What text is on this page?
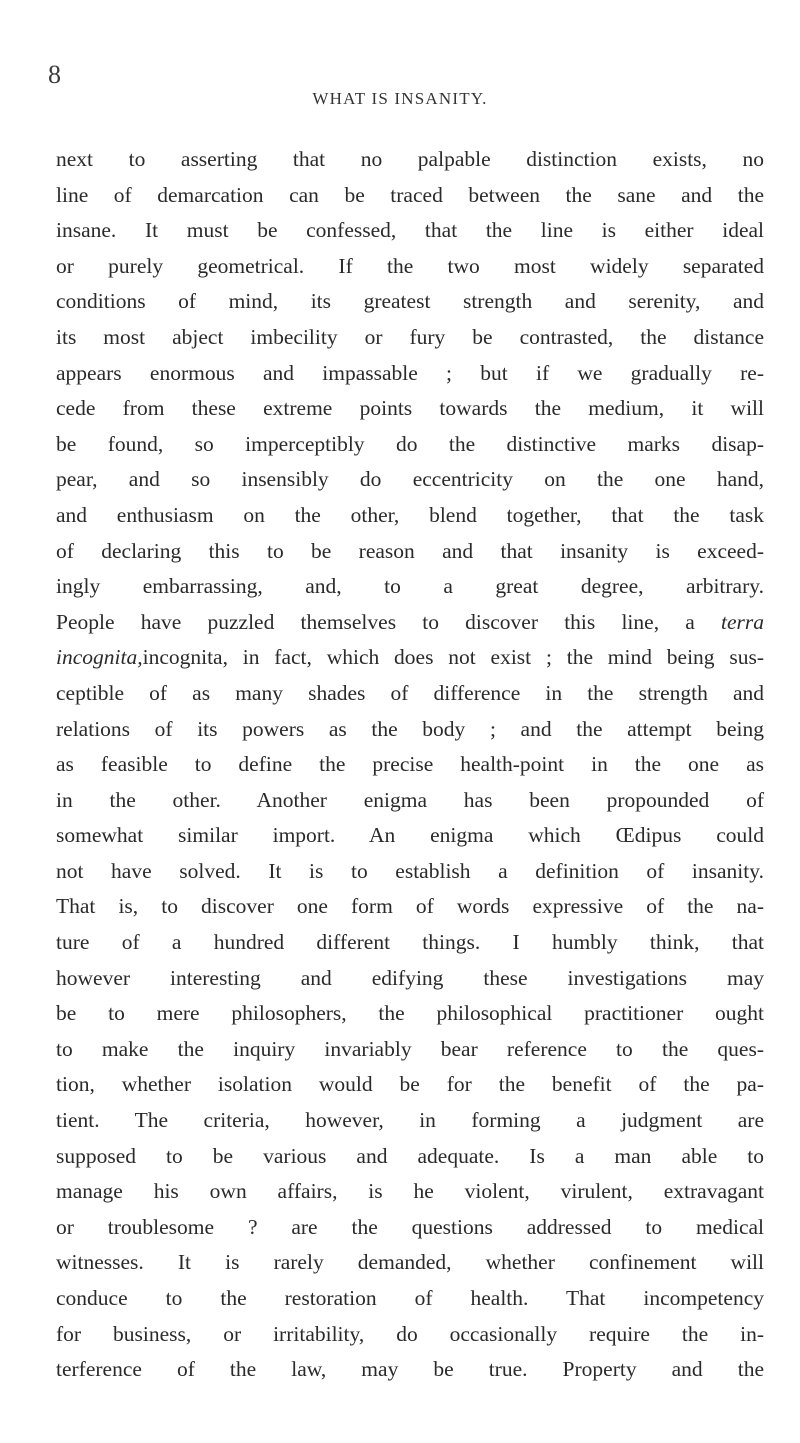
8
WHAT IS INSANITY.
next to asserting that no palpable distinction exists, no
line of demarcation can be traced between the sane and the
insane. It must be confessed, that the line is either ideal
or purely geometrical. If the two most widely separated
conditions of mind, its greatest strength and serenity, and
its most abject imbecility or fury be contrasted, the distance
appears enormous and impassable ; but if we gradually re-
cede from these extreme points towards the medium, it will
be found, so imperceptibly do the distinctive marks disap-
pear, and so insensibly do eccentricity on the one hand,
and enthusiasm on the other, blend together, that the task
of declaring this to be reason and that insanity is exceed-
ingly embarrassing, and, to a great degree, arbitrary.
People have puzzled themselves to discover this line, a terra
incognita,incognita, in fact, which does not exist ; the mind being sus-
ceptible of as many shades of difference in the strength and
relations of its powers as the body ; and the attempt being
as feasible to define the precise health-point in the one as
in the other. Another enigma has been propounded of
somewhat similar import. An enigma which Œdipus could
not have solved. It is to establish a definition of insanity.
That is, to discover one form of words expressive of the na-
ture of a hundred different things. I humbly think, that
however interesting and edifying these investigations may
be to mere philosophers, the philosophical practitioner ought
to make the inquiry invariably bear reference to the ques-
tion, whether isolation would be for the benefit of the pa-
tient. The criteria, however, in forming a judgment are
supposed to be various and adequate. Is a man able to
manage his own affairs, is he violent, virulent, extravagant
or troublesome ? are the questions addressed to medical
witnesses. It is rarely demanded, whether confinement will
conduce to the restoration of health. That incompetency
for business, or irritability, do occasionally require the in-
terference of the law, may be true. Property and the
